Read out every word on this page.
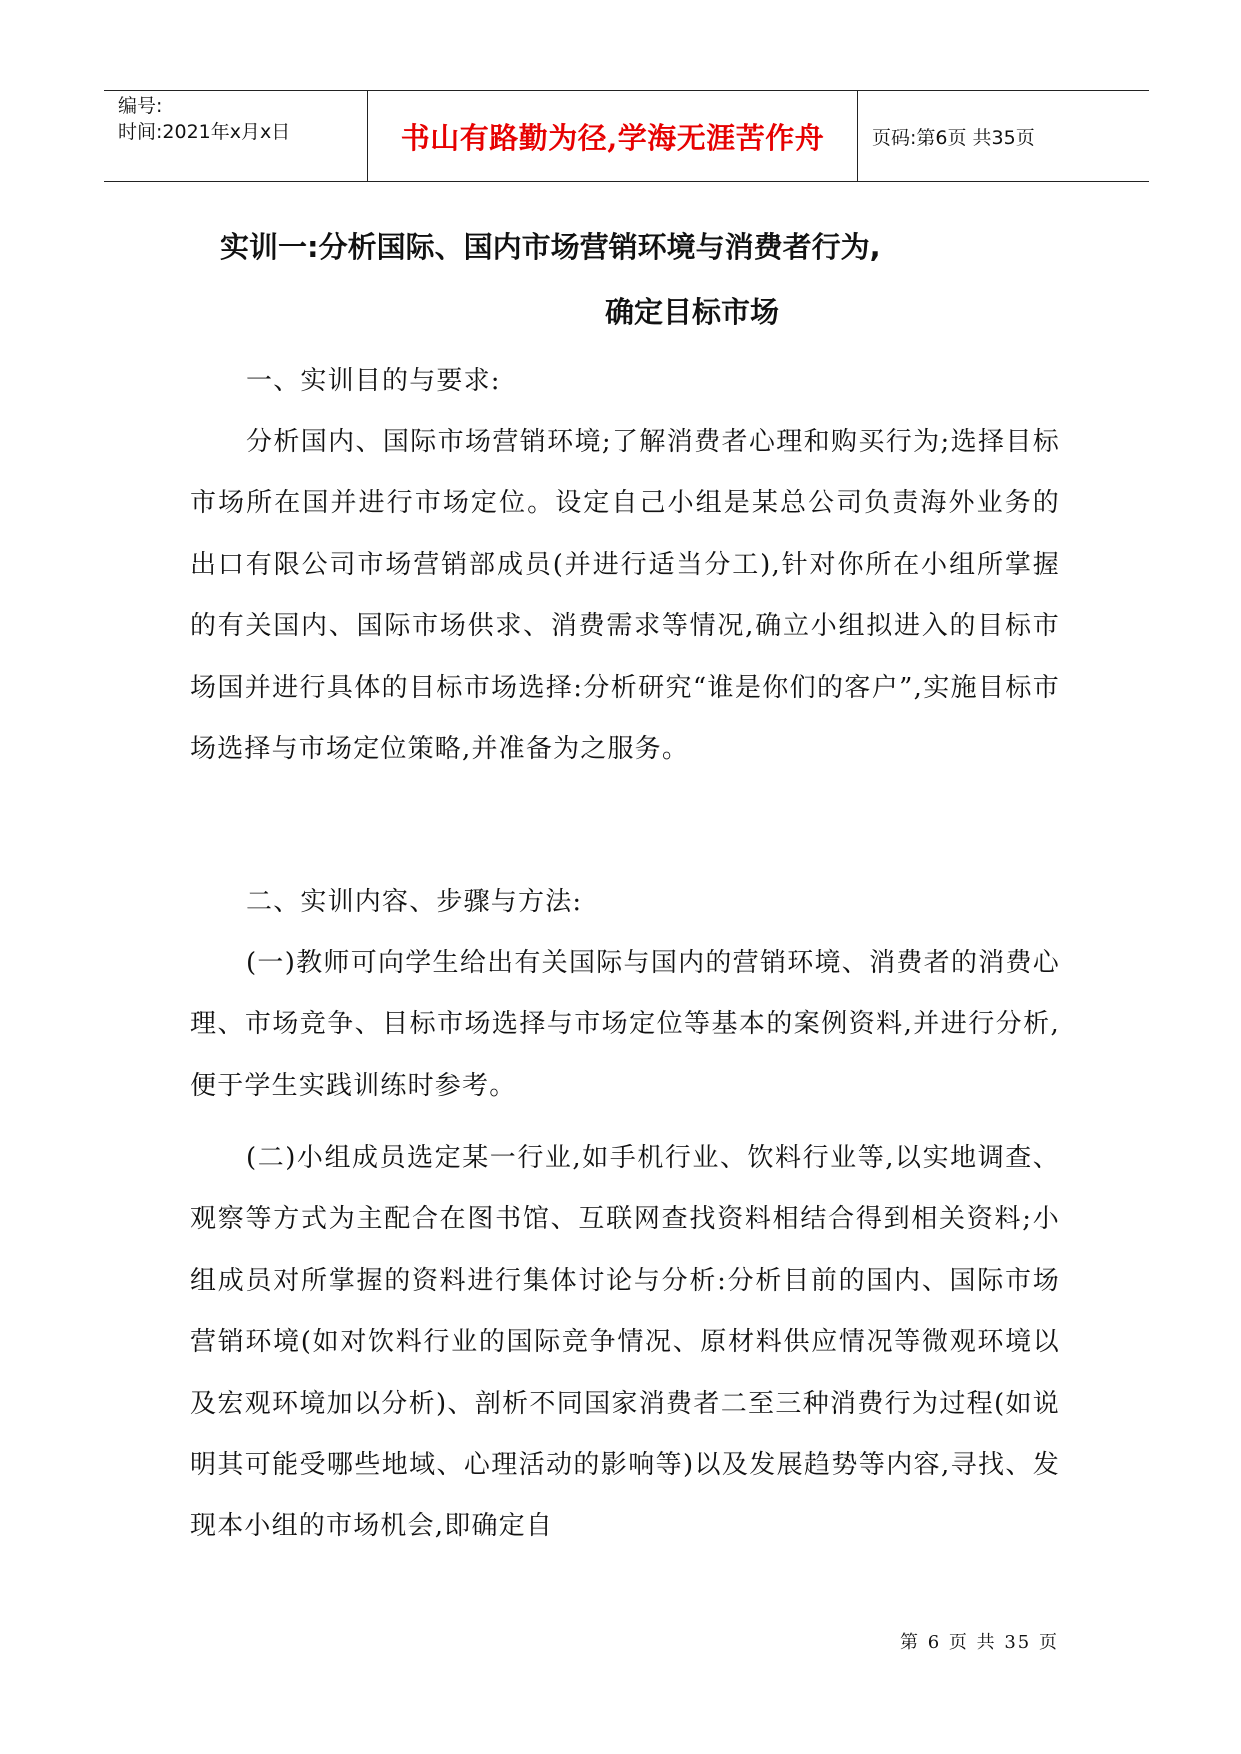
编号:
时间:2021年x月x日	书山有路勤为径,学海无涯苦作舟	页码:第6页 共35页
实训一:分析国际、国内市场营销环境与消费者行为,
确定目标市场

一、实训目的与要求:

分析国内、国际市场营销环境;了解消费者心理和购买行为;选择目标市场所在国并进行市场定位。设定自己小组是某总公司负责海外业务的出口有限公司市场营销部成员(并进行适当分工),针对你所在小组所掌握的有关国内、国际市场供求、消费需求等情况,确立小组拟进入的目标市场国并进行具体的目标市场选择:分析研究“谁是你们的客户”,实施目标市场选择与市场定位策略,并准备为之服务。

二、实训内容、步骤与方法:

(一)教师可向学生给出有关国际与国内的营销环境、消费者的消费心理、市场竞争、目标市场选择与市场定位等基本的案例资料,并进行分析,便于学生实践训练时参考。

(二)小组成员选定某一行业,如手机行业、饮料行业等,以实地调查、观察等方式为主配合在图书馆、互联网查找资料相结合得到相关资料;小组成员对所掌握的资料进行集体讨论与分析:分析目前的国内、国际市场营销环境(如对饮料行业的国际竞争情况、原材料供应情况等微观环境以及宏观环境加以分析)、剖析不同国家消费者二至三种消费行为过程(如说明其可能受哪些地域、心理活动的影响等)以及发展趋势等内容,寻找、发现本小组的市场机会,即确定自

第 6 页 共 35 页
